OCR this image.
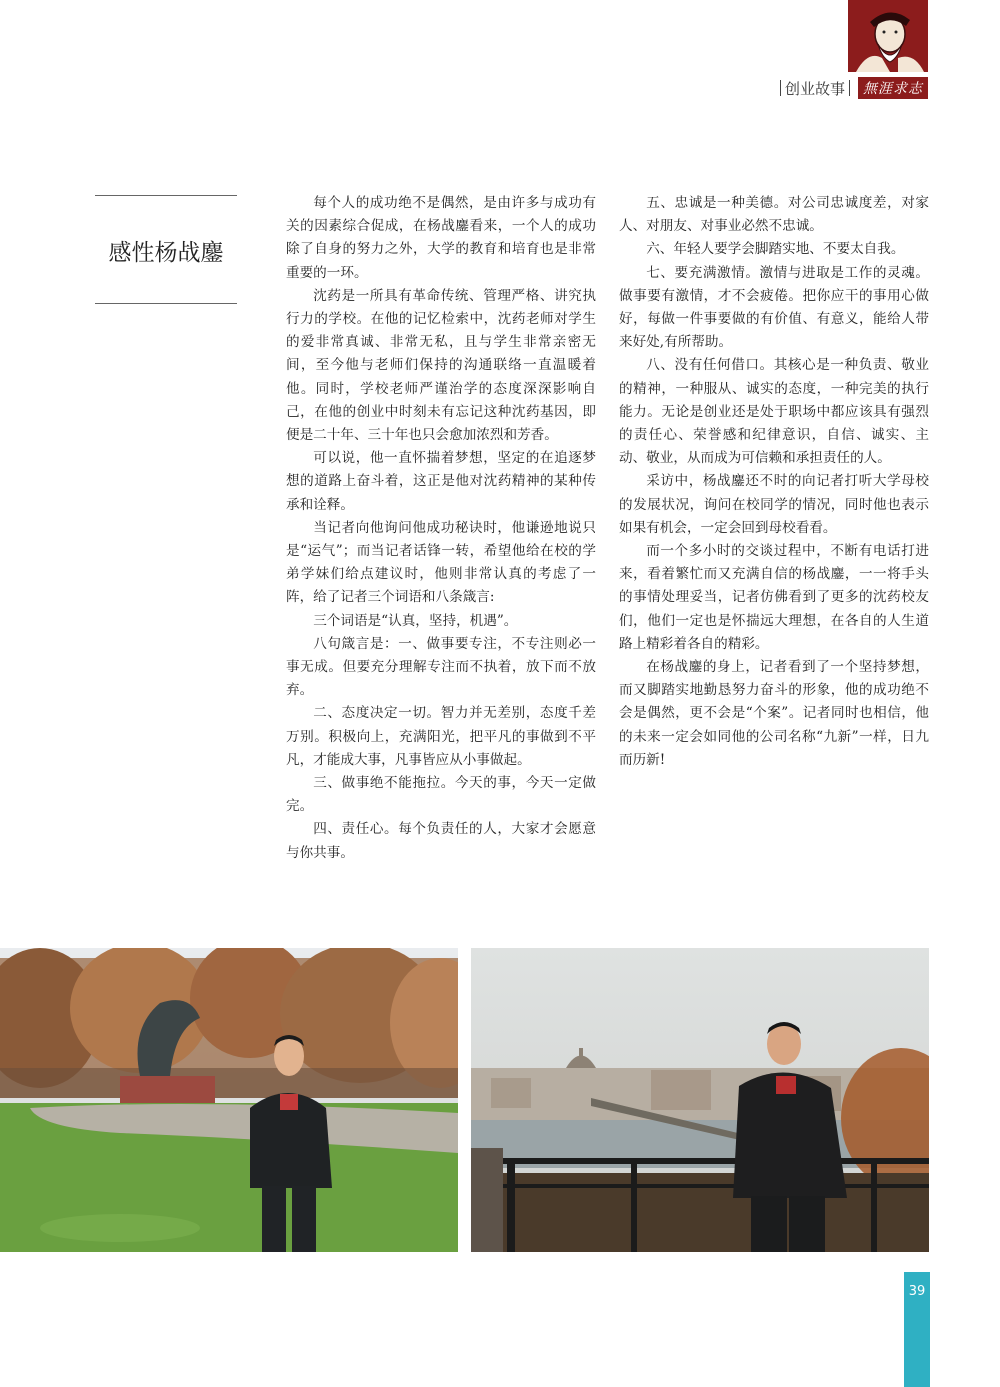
创业故事	無涯求志
感性杨战鏖

每个人的成功绝不是偶然，是由许多与成功有关的因素综合促成，在杨战鏖看来，一个人的成功除了自身的努力之外，大学的教育和培育也是非常重要的一环。

沈药是一所具有革命传统、管理严格、讲究执行力的学校。在他的记忆检索中，沈药老师对学生的爱非常真诚、非常无私，且与学生非常亲密无间，至今他与老师们保持的沟通联络一直温暖着他。同时，学校老师严谨治学的态度深深影响自己，在他的创业中时刻未有忘记这种沈药基因，即便是二十年、三十年也只会愈加浓烈和芳香。

可以说，他一直怀揣着梦想，坚定的在追逐梦想的道路上奋斗着，这正是他对沈药精神的某种传承和诠释。

当记者向他询问他成功秘诀时，他谦逊地说只是“运气”；而当记者话锋一转，希望他给在校的学弟学妹们给点建议时，他则非常认真的考虑了一阵，给了记者三个词语和八条箴言:

三个词语是“认真，坚持，机遇”。

八句箴言是：一、做事要专注，不专注则必一事无成。但要充分理解专注而不执着，放下而不放弃。

二、态度决定一切。智力并无差别，态度千差万别。积极向上，充满阳光，把平凡的事做到不平凡，才能成大事，凡事皆应从小事做起。

三、做事绝不能拖拉。今天的事，今天一定做完。

四、责任心。每个负责任的人，大家才会愿意与你共事。

五、忠诚是一种美德。对公司忠诚度差，对家人、对朋友、对事业必然不忠诚。

六、年轻人要学会脚踏实地、不要太自我。

七、要充满激情。激情与进取是工作的灵魂。做事要有激情，才不会疲倦。把你应干的事用心做好，每做一件事要做的有价值、有意义，能给人带来好处,有所帮助。

八、没有任何借口。其核心是一种负责、敬业的精神，一种服从、诚实的态度，一种完美的执行能力。无论是创业还是处于职场中都应该具有强烈的责任心、荣誉感和纪律意识，自信、诚实、主动、敬业，从而成为可信赖和承担责任的人。

采访中，杨战鏖还不时的向记者打听大学母校的发展状况，询问在校同学的情况，同时他也表示如果有机会，一定会回到母校看看。

而一个多小时的交谈过程中，不断有电话打进来，看着繁忙而又充满自信的杨战鏖，一一将手头的事情处理妥当，记者仿佛看到了更多的沈药校友们，他们一定也是怀揣远大理想，在各自的人生道路上精彩着各自的精彩。

在杨战鏖的身上，记者看到了一个坚持梦想，而又脚踏实地勤恳努力奋斗的形象，他的成功绝不会是偶然，更不会是“个案”。记者同时也相信，他的未来一定会如同他的公司名称“九新”一样，日九而历新!

39
